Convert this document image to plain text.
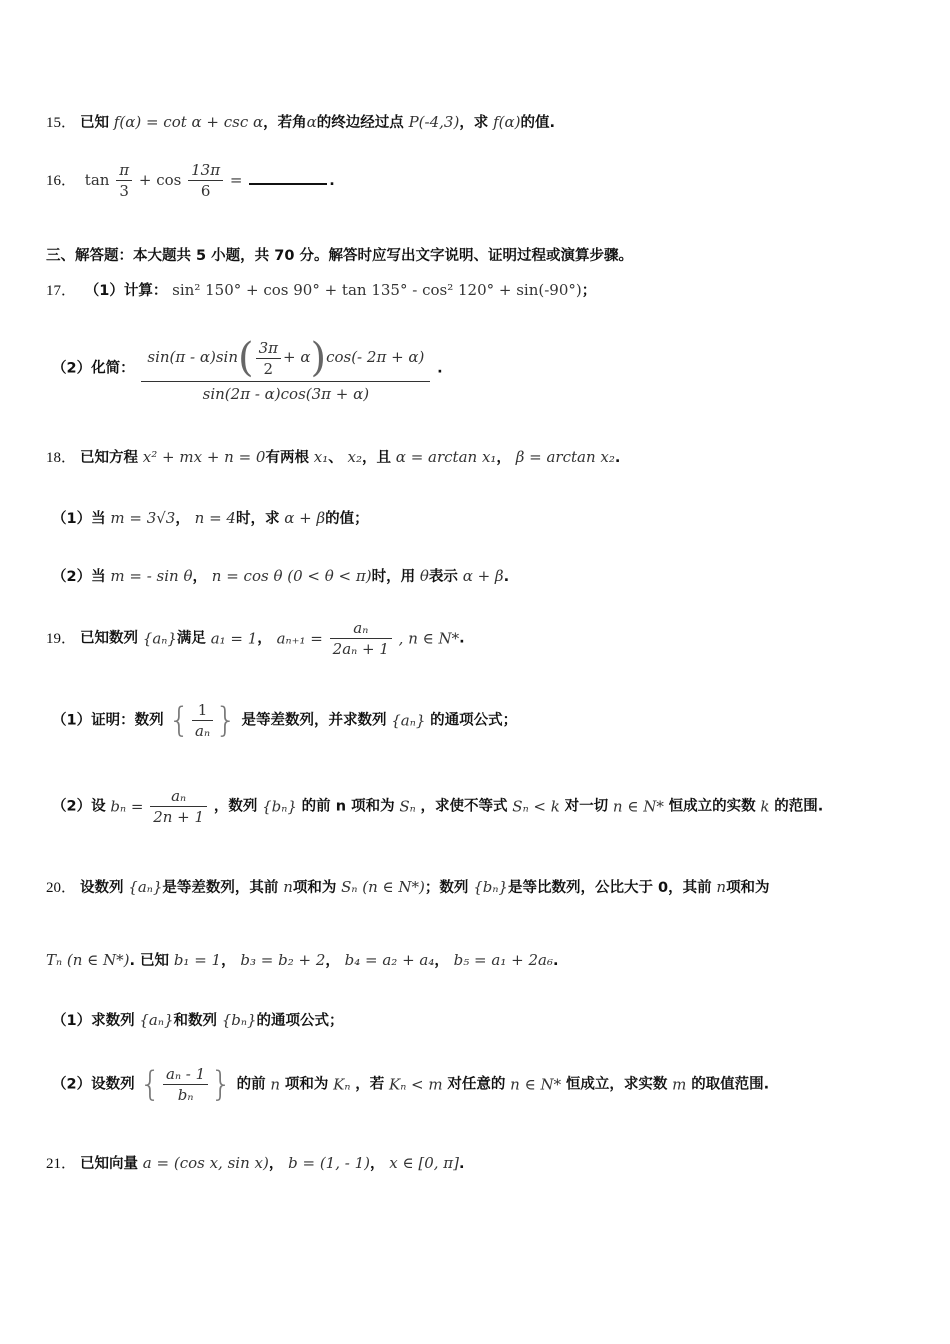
15． 已知 f(α) = cot α + csc α，若角α的终边经过点 P(-4,3)，求 f(α)的值.
16． $\tan \frac{\pi}{3} + \cos \frac{13\pi}{6}$ =	.
三、解答题：本大题共 5 小题，共 70 分。解答时应写出文字说明、证明过程或演算步骤。
17． （1）计算： sin² 150° + cos 90° + tan 135° - cos² 120° + sin(-90°)；
（2）化简： $\frac{\sin(\pi - \alpha)\sin( \frac{3\pi}{2} + \alpha)\cos(- 2\pi + \alpha)}{\sin(2\pi - \alpha)\cos(3\pi + \alpha)}$ .
18． 已知方程 x² + mx + n = 0有两根 x₁、 x₂，且 α = arctan x₁， β = arctan x₂.
（1）当 m = 3√3， n = 4时，求 α + β的值；
（2）当 m = - sin θ， n = cos θ (0 < θ < π)时，用 θ表示 α + β.
19． 已知数列 {aₙ}满足 a₁ = 1， $a_{n+1} = \frac{\text{aₙ}}{\text{2aₙ + 1}}$ , n ∈ N*.
（1）证明：数列 { $\frac{1}{\text{aₙ}}$ } 是等差数列，并求数列 {aₙ} 的通项公式；
（2）设 $b_n = \frac{\text{aₙ}}{2n + 1}$ ，数列 {bₙ} 的前 n 项和为 Sₙ ，求使不等式 Sₙ < k 对一切 n ∈ N* 恒成立的实数 k 的范围.
20． 设数列 {aₙ}是等差数列，其前 n项和为 Sₙ (n ∈ N*)；数列 {bₙ}是等比数列，公比大于 0，其前 n项和为
Tₙ (n ∈ N*). 已知 b₁ = 1， b₃ = b₂ + 2， b₄ = a₂ + a₄， b₅ = a₁ + 2a₆.
（1）求数列 {aₙ}和数列 {bₙ}的通项公式；
（2）设数列 { $\frac{\text{aₙ - 1}}{\text{bₙ}}$ } 的前 n 项和为 Kₙ ，若 Kₙ < m 对任意的 n ∈ N* 恒成立，求实数 m 的取值范围.
21． 已知向量 a = (cos x, sin x)， b = (1, - 1)， x ∈ [0, π].
